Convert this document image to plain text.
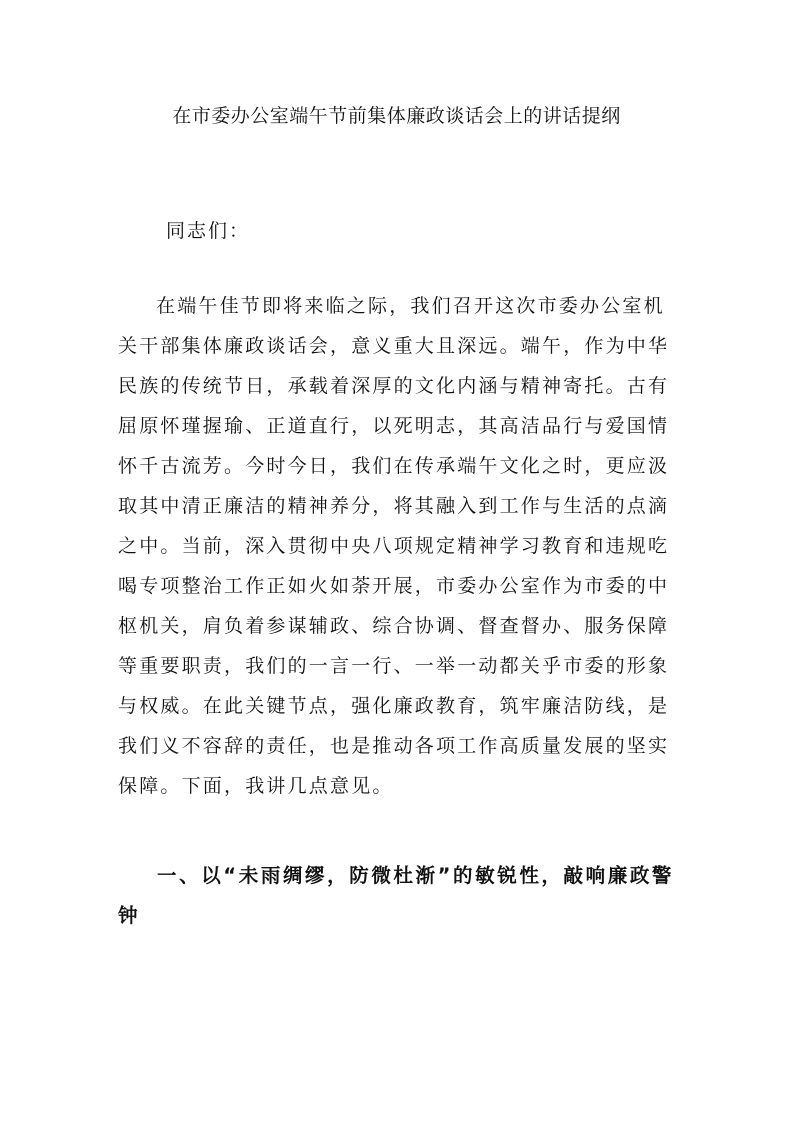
在市委办公室端午节前集体廉政谈话会上的讲话提纲
同志们：

在端午佳节即将来临之际，我们召开这次市委办公室机关干部集体廉政谈话会，意义重大且深远。端午，作为中华民族的传统节日，承载着深厚的文化内涵与精神寄托。古有屈原怀瑾握瑜、正道直行，以死明志，其高洁品行与爱国情怀千古流芳。今时今日，我们在传承端午文化之时，更应汲取其中清正廉洁的精神养分，将其融入到工作与生活的点滴之中。当前，深入贯彻中央八项规定精神学习教育和违规吃喝专项整治工作正如火如荼开展，市委办公室作为市委的中枢机关，肩负着参谋辅政、综合协调、督查督办、服务保障等重要职责，我们的一言一行、一举一动都关乎市委的形象与权威。在此关键节点，强化廉政教育，筑牢廉洁防线，是我们义不容辞的责任，也是推动各项工作高质量发展的坚实保障。下面，我讲几点意见。

一、以“未雨绸缪，防微杜渐”的敏锐性，敲响廉政警钟
